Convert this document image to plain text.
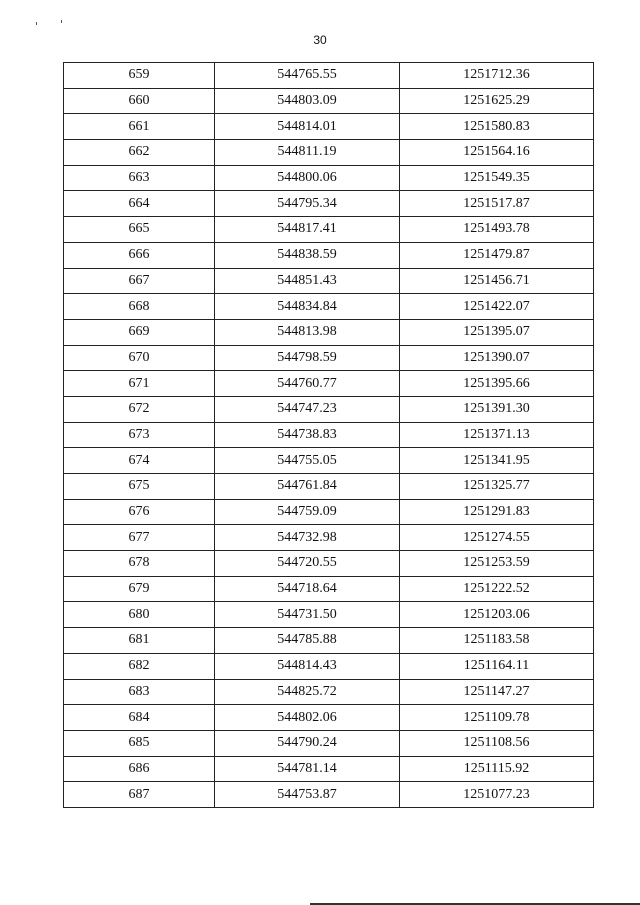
30
659	544765.55	1251712.36
660	544803.09	1251625.29
661	544814.01	1251580.83
662	544811.19	1251564.16
663	544800.06	1251549.35
664	544795.34	1251517.87
665	544817.41	1251493.78
666	544838.59	1251479.87
667	544851.43	1251456.71
668	544834.84	1251422.07
669	544813.98	1251395.07
670	544798.59	1251390.07
671	544760.77	1251395.66
672	544747.23	1251391.30
673	544738.83	1251371.13
674	544755.05	1251341.95
675	544761.84	1251325.77
676	544759.09	1251291.83
677	544732.98	1251274.55
678	544720.55	1251253.59
679	544718.64	1251222.52
680	544731.50	1251203.06
681	544785.88	1251183.58
682	544814.43	1251164.11
683	544825.72	1251147.27
684	544802.06	1251109.78
685	544790.24	1251108.56
686	544781.14	1251115.92
687	544753.87	1251077.23
